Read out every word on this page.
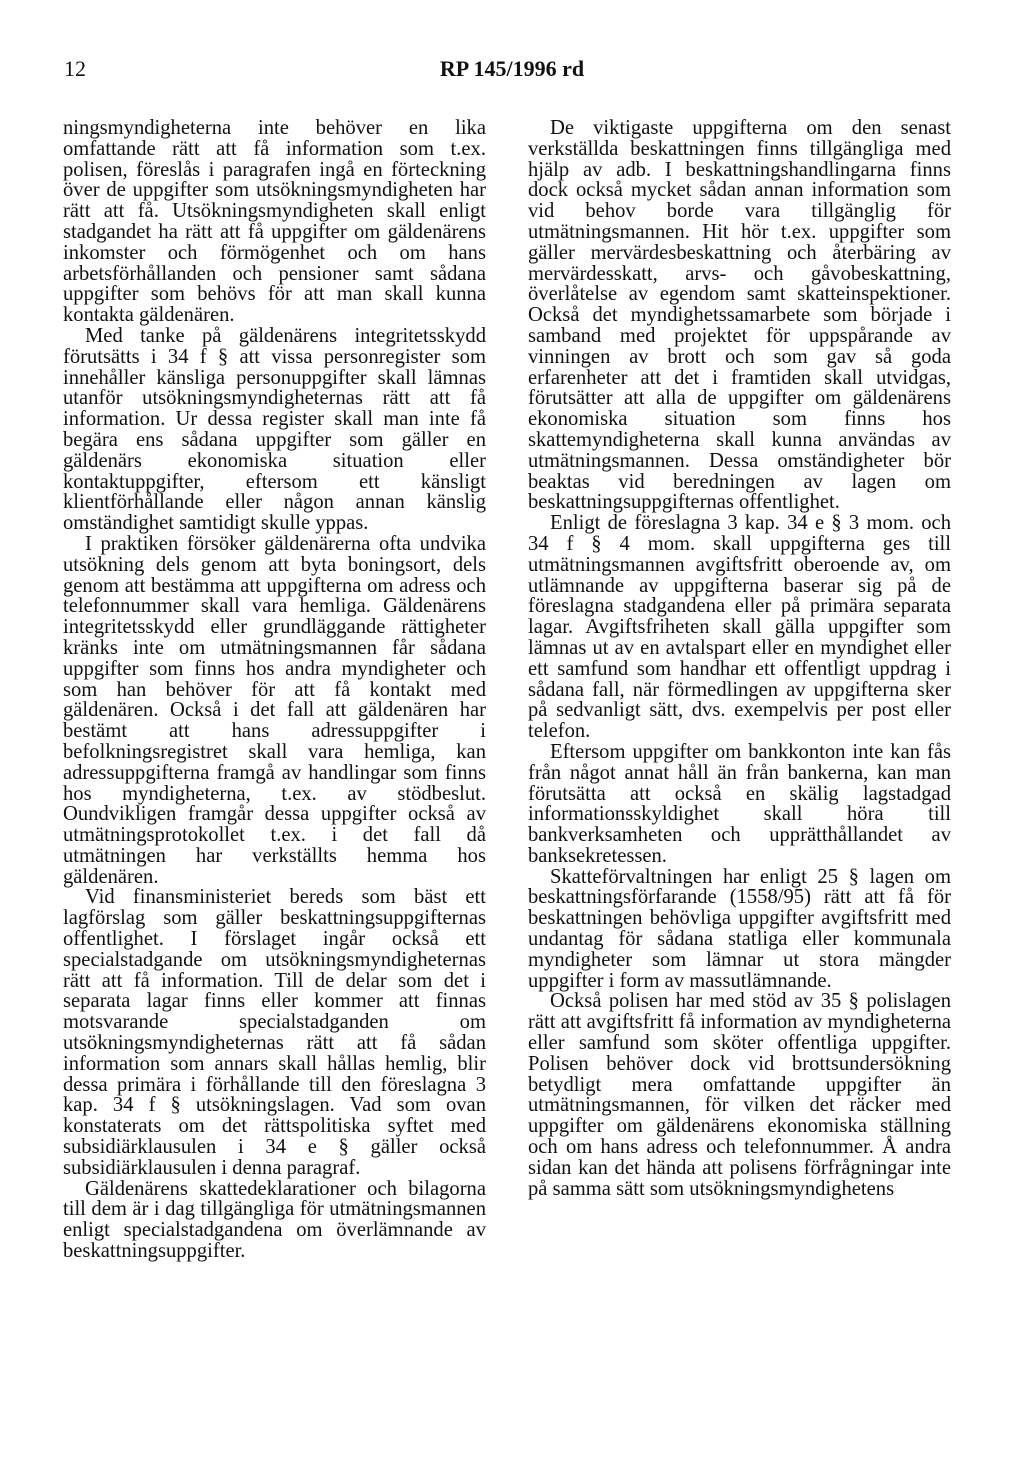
12	RP 145/1996 rd

ningsmyndigheterna inte behöver en lika omfattande rätt att få information som t.ex. polisen, föreslås i paragrafen ingå en förteckning över de uppgifter som utsökningsmyndigheten har rätt att få. Utsökningsmyndigheten skall enligt stadgandet ha rätt att få uppgifter om gäldenärens inkomster och förmögenhet och om hans arbetsförhållanden och pensioner samt sådana uppgifter som behövs för att man skall kunna kontakta gäldenären.

Med tanke på gäldenärens integritetsskydd förutsätts i 34 f § att vissa personregister som innehåller känsliga personuppgifter skall lämnas utanför utsökningsmyndigheternas rätt att få information. Ur dessa register skall man inte få begära ens sådana uppgifter som gäller en gäldenärs ekonomiska situation eller kontaktuppgifter, eftersom ett känsligt klientförhållande eller någon annan känslig omständighet samtidigt skulle yppas.

I praktiken försöker gäldenärerna ofta undvika utsökning dels genom att byta boningsort, dels genom att bestämma att uppgifterna om adress och telefonnummer skall vara hemliga. Gäldenärens integritetsskydd eller grundläggande rättigheter kränks inte om utmätningsmannen får sådana uppgifter som finns hos andra myndigheter och som han behöver för att få kontakt med gäldenären. Också i det fall att gäldenären har bestämt att hans adressuppgifter i befolkningsregistret skall vara hemliga, kan adressuppgifterna framgå av handlingar som finns hos myndigheterna, t.ex. av stödbeslut. Oundvikligen framgår dessa uppgifter också av utmätningsprotokollet t.ex. i det fall då utmätningen har verkställts hemma hos gäldenären.

Vid finansministeriet bereds som bäst ett lagförslag som gäller beskattningsuppgifternas offentlighet. I förslaget ingår också ett specialstadgande om utsökningsmyndigheternas rätt att få information. Till de delar som det i separata lagar finns eller kommer att finnas motsvarande specialstadganden om utsökningsmyndigheternas rätt att få sådan information som annars skall hållas hemlig, blir dessa primära i förhållande till den föreslagna 3 kap. 34 f § utsökningslagen. Vad som ovan konstaterats om det rättspolitiska syftet med subsidiärklausulen i 34 e § gäller också subsidiärklausulen i denna paragraf.

Gäldenärens skattedeklarationer och bilagorna till dem är i dag tillgängliga för utmätningsmannen enligt specialstadgandena om överlämnande av beskattningsuppgifter.

De viktigaste uppgifterna om den senast verkställda beskattningen finns tillgängliga med hjälp av adb. I beskattningshandlingarna finns dock också mycket sådan annan information som vid behov borde vara tillgänglig för utmätningsmannen. Hit hör t.ex. uppgifter som gäller mervärdesbeskattning och återbäring av mervärdesskatt, arvs- och gåvobeskattning, överlåtelse av egendom samt skatteinspektioner. Också det myndighetssamarbete som började i samband med projektet för uppspårande av vinningen av brott och som gav så goda erfarenheter att det i framtiden skall utvidgas, förutsätter att alla de uppgifter om gäldenärens ekonomiska situation som finns hos skattemyndigheterna skall kunna användas av utmätningsmannen. Dessa omständigheter bör beaktas vid beredningen av lagen om beskattningsuppgifternas offentlighet.

Enligt de föreslagna 3 kap. 34 e § 3 mom. och 34 f § 4 mom. skall uppgifterna ges till utmätningsmannen avgiftsfritt oberoende av, om utlämnande av uppgifterna baserar sig på de föreslagna stadgandena eller på primära separata lagar. Avgiftsfriheten skall gälla uppgifter som lämnas ut av en avtalspart eller en myndighet eller ett samfund som handhar ett offentligt uppdrag i sådana fall, när förmedlingen av uppgifterna sker på sedvanligt sätt, dvs. exempelvis per post eller telefon.

Eftersom uppgifter om bankkonton inte kan fås från något annat håll än från bankerna, kan man förutsätta att också en skälig lagstadgad informationsskyldighet skall höra till bankverksamheten och upprätthållandet av banksekretessen.

Skatteförvaltningen har enligt 25 § lagen om beskattningsförfarande (1558/95) rätt att få för beskattningen behövliga uppgifter avgiftsfritt med undantag för sådana statliga eller kommunala myndigheter som lämnar ut stora mängder uppgifter i form av massutlämnande.

Också polisen har med stöd av 35 § polislagen rätt att avgiftsfritt få information av myndigheterna eller samfund som sköter offentliga uppgifter. Polisen behöver dock vid brottsundersökning betydligt mera omfattande uppgifter än utmätningsmannen, för vilken det räcker med uppgifter om gäldenärens ekonomiska ställning och om hans adress och telefonnummer. Å andra sidan kan det hända att polisens förfrågningar inte på samma sätt som utsökningsmyndighetens
